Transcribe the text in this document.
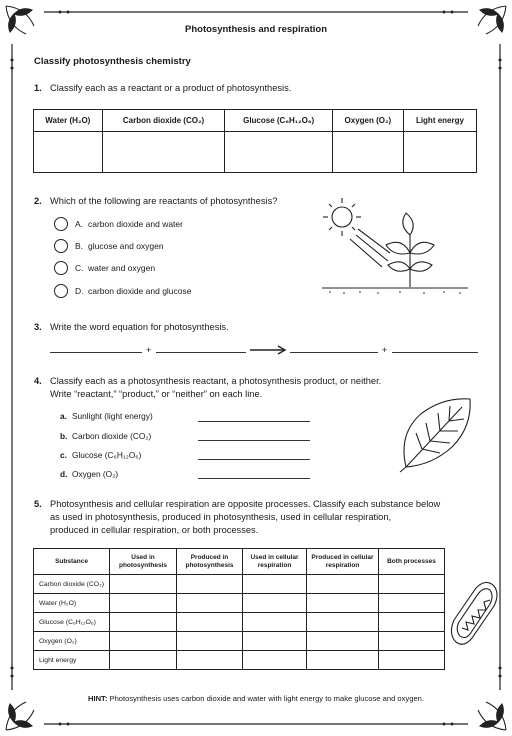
Photosynthesis and respiration
Classify photosynthesis chemistry
1. Classify each as a reactant or a product of photosynthesis.
Water (H₂O)	Carbon dioxide (CO₂)	Glucose (C₆H₁₂O₆)	Oxygen (O₂)	Light energy

2. Which of the following are reactants of photosynthesis?
A. carbon dioxide and water
B. glucose and oxygen
C. water and oxygen
D. carbon dioxide and glucose
3. Write the word equation for photosynthesis.
+	+
4. Classify each as a photosynthesis reactant, a photosynthesis product, or neither.
Write “reactant,” “product,” or “neither” on each line.
a. Sunlight (light energy)
b. Carbon dioxide (CO₂)
c. Glucose (C₆H₁₂O₆)
d. Oxygen (O₂)
5. Photosynthesis and cellular respiration are opposite processes. Classify each substance below
as used in photosynthesis, produced in photosynthesis, used in cellular respiration,
produced in cellular respiration, or both processes.
Substance	Used in photosynthesis	Produced in photosynthesis	Used in cellular respiration	Produced in cellular respiration	Both processes
Carbon dioxide (CO₂)					
Water (H₂O)					
Glucose (C₆H₁₂O₆)					
Oxygen (O₂)					
Light energy					
HINT: Photosynthesis uses carbon dioxide and water with light energy to make glucose and oxygen.
